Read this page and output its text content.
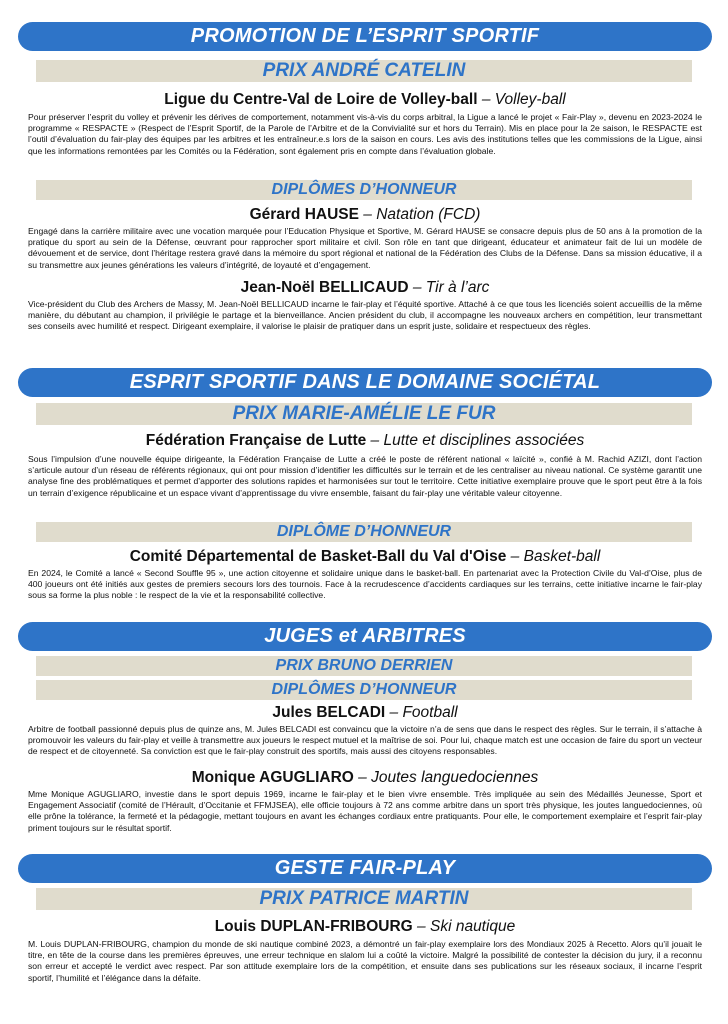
PROMOTION DE L’ESPRIT SPORTIF
PRIX ANDRÉ CATELIN
Ligue du Centre-Val de Loire de Volley-ball – Volley-ball
Pour préserver l’esprit du volley et prévenir les dérives de comportement, notamment vis-à-vis du corps arbitral, la Ligue a lancé le projet « Fair-Play », devenu en 2023-2024 le programme « RESPACTE » (Respect de l’Esprit Sportif, de la Parole de l’Arbitre et de la Convivialité sur et hors du Terrain). Mis en place pour la 2e saison, le RESPACTE est l’outil d’évaluation du fair-play des équipes par les arbitres et les entraîneur.e.s lors de la saison en cours. Les avis des institutions telles que les commissions de la Ligue, ainsi que les informations remontées par les Comités ou la Fédération, sont également pris en compte dans l’évaluation globale.
DIPLÔMES D’HONNEUR
Gérard HAUSE – Natation (FCD)
Engagé dans la carrière militaire avec une vocation marquée pour l’Education Physique et Sportive, M. Gérard HAUSE se consacre depuis plus de 50 ans à la promotion de la pratique du sport au sein de la Défense, œuvrant pour rapprocher sport militaire et civil. Son rôle en tant que dirigeant, éducateur et animateur fait de lui un modèle de dévouement et de service, dont l’héritage restera gravé dans la mémoire du sport régional et national de la Fédération des Clubs de la Défense. Dans sa mission éducative, il a su transmettre aux jeunes générations les valeurs d’intégrité, de loyauté et d’engagement.
Jean-Noël BELLICAUD – Tir à l’arc
Vice-président du Club des Archers de Massy, M. Jean-Noël BELLICAUD incarne le fair-play et l’équité sportive. Attaché à ce que tous les licenciés soient accueillis de la même manière, du débutant au champion, il privilégie le partage et la bienveillance. Ancien président du club, il accompagne les nouveaux archers en compétition, leur transmettant ses conseils avec humilité et respect. Dirigeant exemplaire, il valorise le plaisir de pratiquer dans un esprit juste, solidaire et respectueux des règles.
ESPRIT SPORTIF DANS LE DOMAINE SOCIÉTAL
PRIX MARIE-AMÉLIE LE FUR
Fédération Française de Lutte – Lutte et disciplines associées
Sous l’impulsion d’une nouvelle équipe dirigeante, la Fédération Française de Lutte a créé le poste de référent national « laïcité », confié à M. Rachid AZIZI, dont l’action s’articule autour d’un réseau de référents régionaux, qui ont pour mission d’identifier les difficultés sur le terrain et de les centraliser au niveau national. Ce système garantit une analyse fine des problématiques et permet d’apporter des solutions rapides et harmonisées sur tout le territoire. Cette initiative exemplaire prouve que le sport peut être à la fois un terrain d’exigence républicaine et un espace vivant d’apprentissage du vivre ensemble, faisant du fair-play une véritable valeur citoyenne.
DIPLÔME D’HONNEUR
Comité Départemental de Basket-Ball du Val d'Oise – Basket-ball
En 2024, le Comité a lancé « Second Souffle 95 », une action citoyenne et solidaire unique dans le basket-ball. En partenariat avec la Protection Civile du Val-d’Oise, plus de 400 joueurs ont été initiés aux gestes de premiers secours lors des tournois. Face à la recrudescence d’accidents cardiaques sur les terrains, cette initiative incarne le fair-play sous sa forme la plus noble : le respect de la vie et la responsabilité collective.
JUGES et ARBITRES
PRIX BRUNO DERRIEN
DIPLÔMES D’HONNEUR
Jules BELCADI – Football
Arbitre de football passionné depuis plus de quinze ans, M. Jules BELCADI est convaincu que la victoire n’a de sens que dans le respect des règles. Sur le terrain, il s’attache à promouvoir les valeurs du fair-play et veille à transmettre aux joueurs le respect mutuel et la maîtrise de soi. Pour lui, chaque match est une occasion de faire du sport un vecteur de respect et de citoyenneté. Sa conviction est que le fair-play construit des sportifs, mais aussi des citoyens responsables.
Monique AGUGLIARO – Joutes languedociennes
Mme Monique AGUGLIARO, investie dans le sport depuis 1969, incarne le fair-play et le bien vivre ensemble. Très impliquée au sein des Médaillés Jeunesse, Sport et Engagement Associatif (comité de l’Hérault, d’Occitanie et FFMJSEA), elle officie toujours à 72 ans comme arbitre dans un sport très physique, les joutes languedociennes, où elle prône la tolérance, la fermeté et la pédagogie, mettant toujours en avant les échanges cordiaux entre pratiquants. Pour elle, le comportement exemplaire et l’esprit fair-play priment toujours sur le résultat sportif.
GESTE FAIR-PLAY
PRIX PATRICE MARTIN
Louis DUPLAN-FRIBOURG – Ski nautique
M. Louis DUPLAN-FRIBOURG, champion du monde de ski nautique combiné 2023, a démontré un fair-play exemplaire lors des Mondiaux 2025 à Recetto. Alors qu’il jouait le titre, en tête de la course dans les premières épreuves, une erreur technique en slalom lui a coûté la victoire. Malgré la possibilité de contester la décision du jury, il a reconnu son erreur et accepté le verdict avec respect. Par son attitude exemplaire lors de la compétition, et ensuite dans ses publications sur les réseaux sociaux, il incarne l’esprit sportif, l’humilité et l’élégance dans la défaite.
